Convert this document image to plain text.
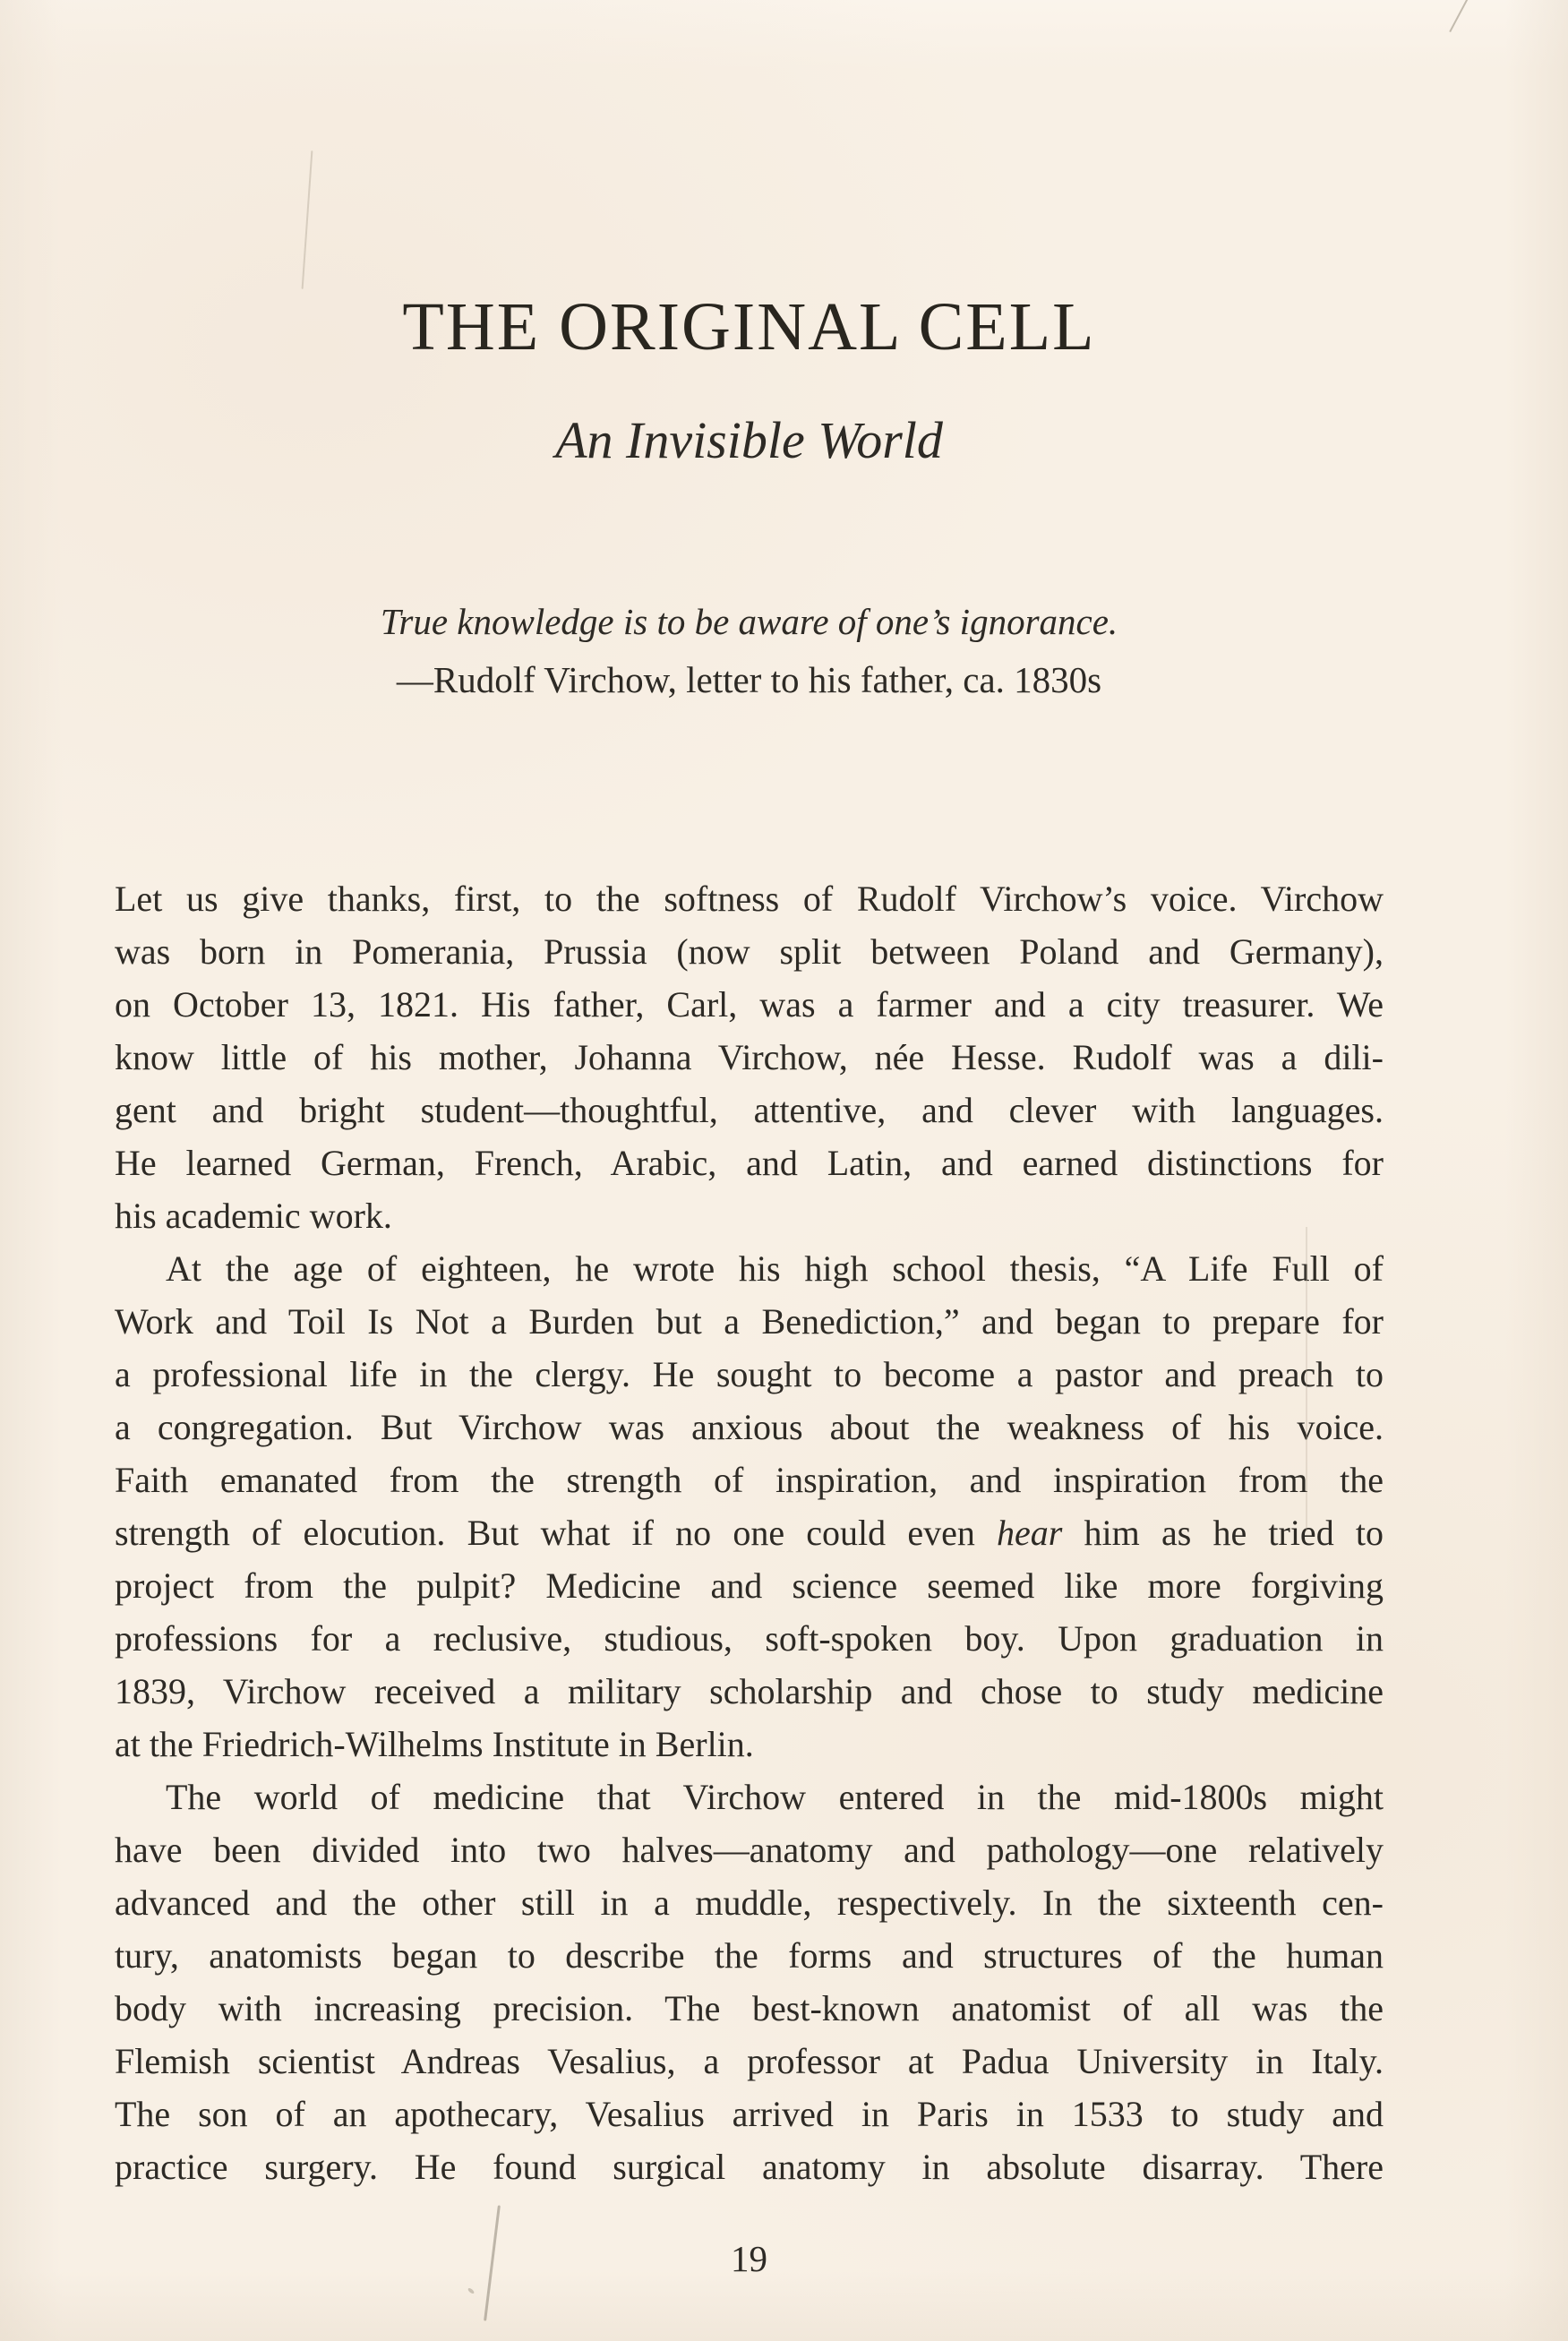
THE ORIGINAL CELL
An Invisible World
True knowledge is to be aware of one’s ignorance.
—Rudolf Virchow, letter to his father, ca. 1830s

Let us give thanks, first, to the softness of Rudolf Virchow’s voice. Virchow
was born in Pomerania, Prussia (now split between Poland and Germany),
on October 13, 1821. His father, Carl, was a farmer and a city treasurer. We
know little of his mother, Johanna Virchow, née Hesse. Rudolf was a dili-
gent and bright student—thoughtful, attentive, and clever with languages.
He learned German, French, Arabic, and Latin, and earned distinctions for
his academic work.

At the age of eighteen, he wrote his high school thesis, “A Life Full of
Work and Toil Is Not a Burden but a Benediction,” and began to prepare for
a professional life in the clergy. He sought to become a pastor and preach to
a congregation. But Virchow was anxious about the weakness of his voice.
Faith emanated from the strength of inspiration, and inspiration from the
strength of elocution. But what if no one could even hear him as he tried to
project from the pulpit? Medicine and science seemed like more forgiving
professions for a reclusive, studious, soft-spoken boy. Upon graduation in
1839, Virchow received a military scholarship and chose to study medicine
at the Friedrich-Wilhelms Institute in Berlin.

The world of medicine that Virchow entered in the mid-1800s might
have been divided into two halves—anatomy and pathology—one relatively
advanced and the other still in a muddle, respectively. In the sixteenth cen-
tury, anatomists began to describe the forms and structures of the human
body with increasing precision. The best-known anatomist of all was the
Flemish scientist Andreas Vesalius, a professor at Padua University in Italy.
The son of an apothecary, Vesalius arrived in Paris in 1533 to study and
practice surgery. He found surgical anatomy in absolute disarray. There

19
